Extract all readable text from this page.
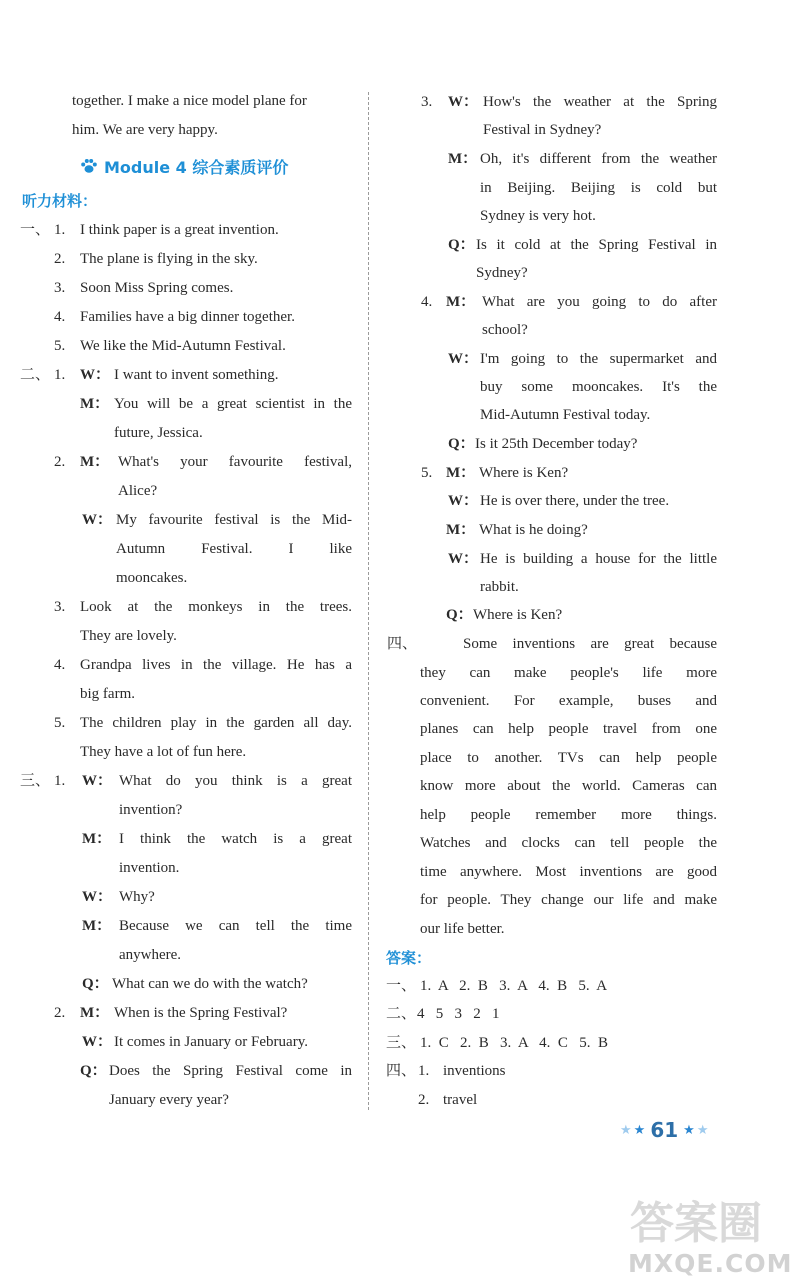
together. I make a nice model plane for
him. We are very happy.
Module 4 综合素质评价
听力材料：
一、 1. I think paper is a great invention.
2. The plane is flying in the sky.
3. Soon Miss Spring comes.
4. Families have a big dinner together.
5. We like the Mid-Autumn Festival.
二、 1. W： I want to invent something.
M： You will be a great scientist in the
future, Jessica.
2. M： What's your favourite festival,
Alice?
W： My favourite festival is the Mid-
Autumn Festival. I like
mooncakes.
3. Look at the monkeys in the trees.
They are lovely.
4. Grandpa lives in the village. He has a
big farm.
5. The children play in the garden all day.
They have a lot of fun here.
三、 1. W： What do you think is a great
invention?
M： I think the watch is a great
invention.
W： Why?
M： Because we can tell the time
anywhere.
Q： What can we do with the watch?
2. M： When is the Spring Festival?
W： It comes in January or February.
Q： Does the Spring Festival come in
January every year?
3. W： How's the weather at the Spring
Festival in Sydney?
M： Oh, it's different from the weather
in Beijing. Beijing is cold but
Sydney is very hot.
Q： Is it cold at the Spring Festival in
Sydney?
4. M： What are you going to do after
school?
W： I'm going to the supermarket and
buy some mooncakes. It's the
Mid-Autumn Festival today.
Q： Is it 25th December today?
5. M： Where is Ken?
W： He is over there, under the tree.
M： What is he doing?
W： He is building a house for the little
rabbit.
Q： Where is Ken?
四、	Some inventions are great because
they can make people's life more
convenient. For example, buses and
planes can help people travel from one
place to another. TVs can help people
know more about the world. Cameras can
help people remember more things.
Watches and clocks can tell people the
time anywhere. Most inventions are good
for people. They change our life and make
our life better.
答案：
一、 1.  A   2.  B   3.  A   4.  B   5.  A
二、 4   5   3   2   1
三、 1.  C   2.  B   3.  A   4.  C   5.  B
四、 1. inventions
2. travel
★ ★ 61 ★ ★
答案圈
MXQE.COM
